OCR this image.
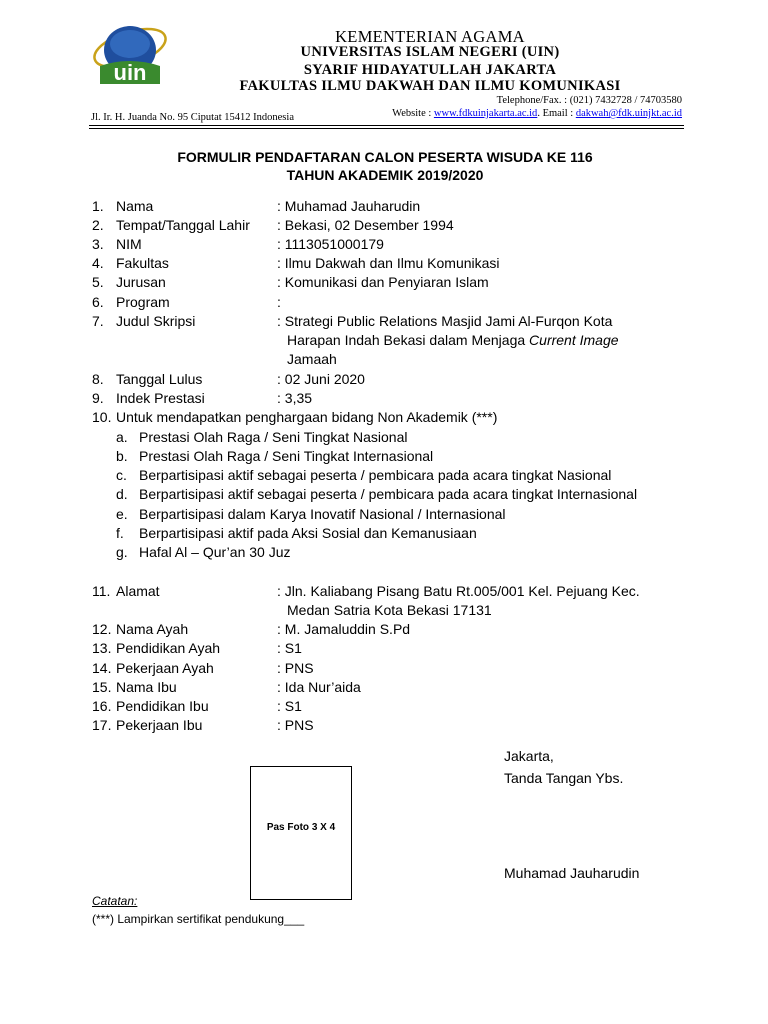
uin
KEMENTERIAN AGAMA
UNIVERSITAS ISLAM NEGERI (UIN)
SYARIF HIDAYATULLAH JAKARTA
FAKULTAS ILMU DAKWAH DAN ILMU KOMUNIKASI
Telephone/Fax. : (021) 7432728 / 74703580
Jl. Ir. H. Juanda No. 95 Ciputat 15412 Indonesia	Website : www.fdkuinjakarta.ac.id. Email : dakwah@fdk.uinjkt.ac.id
FORMULIR PENDAFTARAN CALON PESERTA WISUDA KE 116
TAHUN AKADEMIK 2019/2020
1. Nama	: Muhamad Jauharudin
2. Tempat/Tanggal Lahir : Bekasi, 02 Desember 1994
3. NIM	: 1113051000179
4. Fakultas	: Ilmu Dakwah dan Ilmu Komunikasi
5. Jurusan	: Komunikasi dan Penyiaran Islam
6. Program	:
7. Judul Skripsi	: Strategi Public Relations Masjid Jami Al-Furqon Kota
Harapan Indah Bekasi dalam Menjaga Current Image
Jamaah
8. Tanggal Lulus	: 02 Juni 2020
9. Indek Prestasi	: 3,35
10. Untuk mendapatkan penghargaan bidang Non Akademik (***)
a. Prestasi Olah Raga / Seni Tingkat Nasional
b. Prestasi Olah Raga / Seni Tingkat Internasional
c. Berpartisipasi aktif sebagai peserta / pembicara pada acara tingkat Nasional
d. Berpartisipasi aktif sebagai peserta / pembicara pada acara tingkat Internasional
e. Berpartisipasi dalam Karya Inovatif Nasional / Internasional
f. Berpartisipasi aktif pada Aksi Sosial dan Kemanusiaan
g. Hafal Al – Qur’an 30 Juz
11. Alamat	: Jln. Kaliabang Pisang Batu Rt.005/001 Kel. Pejuang Kec.
Medan Satria Kota Bekasi 17131
12. Nama Ayah	: M. Jamaluddin S.Pd
13. Pendidikan Ayah	: S1
14. Pekerjaan Ayah	: PNS
15. Nama Ibu	: Ida Nur’aida
16. Pendidikan Ibu	: S1
17. Pekerjaan Ibu	: PNS
Pas Foto 3 X 4
Jakarta,
Tanda Tangan Ybs.
Muhamad Jauharudin
Catatan:
(***) Lampirkan sertifikat pendukung___
